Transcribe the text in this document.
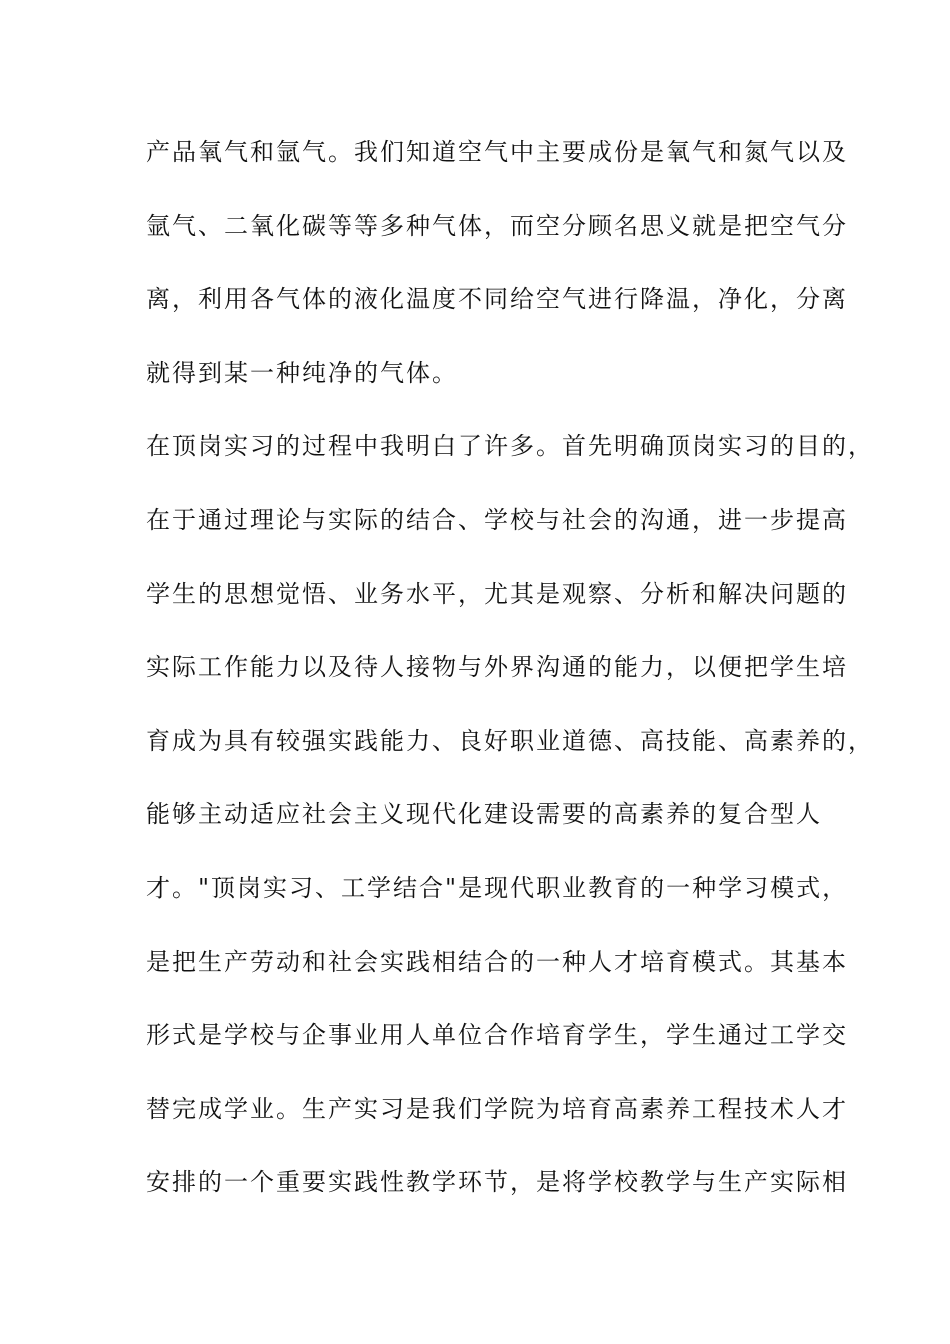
产品氧气和氩气。我们知道空气中主要成份是氧气和氮气以及
氩气、二氧化碳等等多种气体，而空分顾名思义就是把空气分
离，利用各气体的液化温度不同给空气进行降温，净化，分离
就得到某一种纯净的气体。
在顶岗实习的过程中我明白了许多。首先明确顶岗实习的目的，
在于通过理论与实际的结合、学校与社会的沟通，进一步提高
学生的思想觉悟、业务水平，尤其是观察、分析和解决问题的
实际工作能力以及待人接物与外界沟通的能力，以便把学生培
育成为具有较强实践能力、良好职业道德、高技能、高素养的，
能够主动适应社会主义现代化建设需要的高素养的复合型人
才。"顶岗实习、工学结合"是现代职业教育的一种学习模式，
是把生产劳动和社会实践相结合的一种人才培育模式。其基本
形式是学校与企事业用人单位合作培育学生，学生通过工学交
替完成学业。生产实习是我们学院为培育高素养工程技术人才
安排的一个重要实践性教学环节，是将学校教学与生产实际相
